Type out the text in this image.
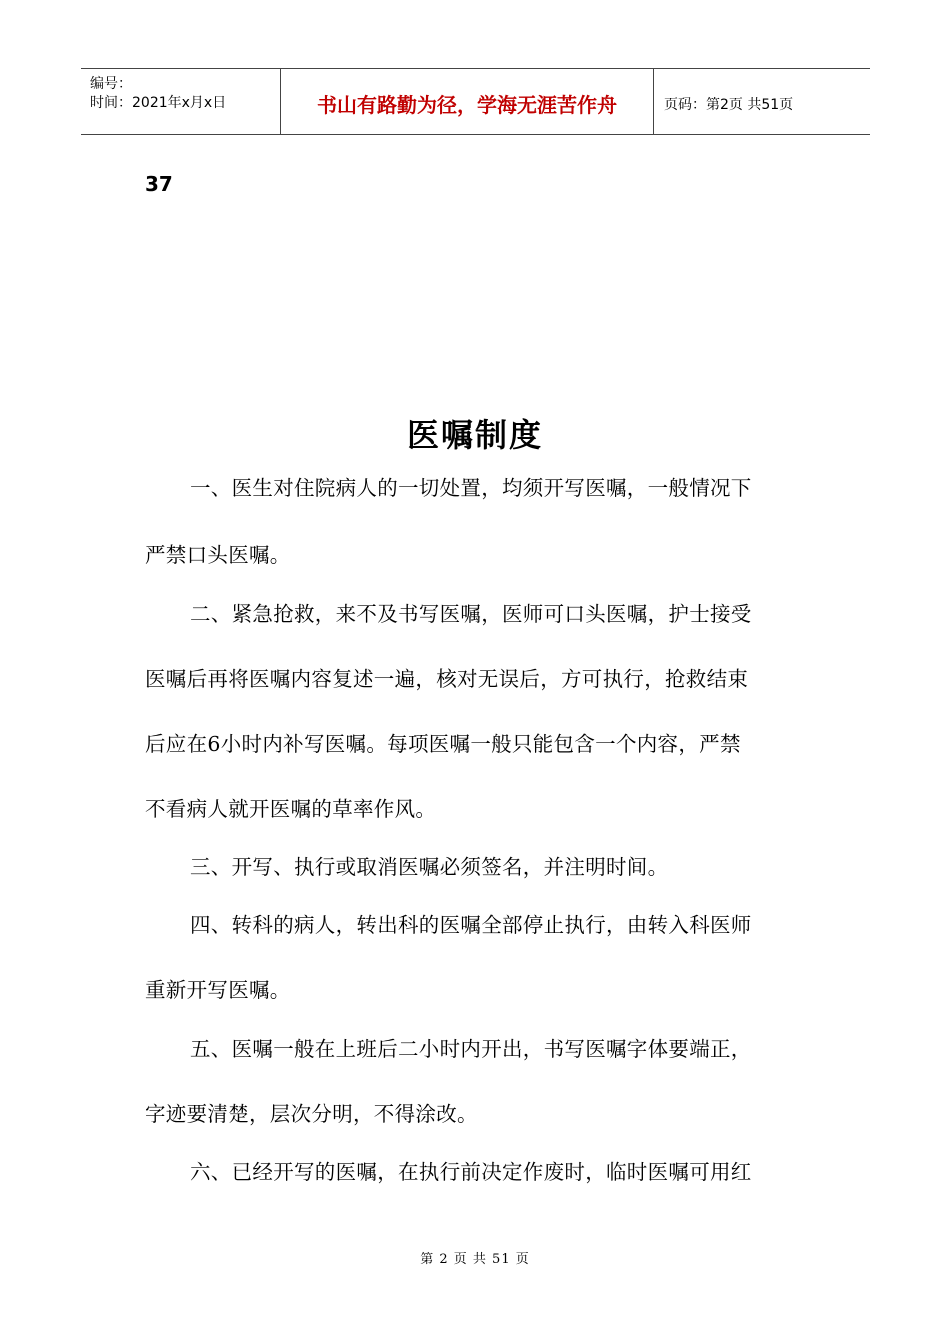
编号：
时间：2021年x月x日	书山有路勤为径，学海无涯苦作舟	页码：第2页 共51页
37
医嘱制度
一、医生对住院病人的一切处置，均须开写医嘱，一般情况下
严禁口头医嘱。
二、紧急抢救，来不及书写医嘱，医师可口头医嘱，护士接受
医嘱后再将医嘱内容复述一遍，核对无误后，方可执行，抢救结束
后应在6小时内补写医嘱。每项医嘱一般只能包含一个内容，严禁
不看病人就开医嘱的草率作风。
三、开写、执行或取消医嘱必须签名，并注明时间。
四、转科的病人，转出科的医嘱全部停止执行，由转入科医师
重新开写医嘱。
五、医嘱一般在上班后二小时内开出，书写医嘱字体要端正，
字迹要清楚，层次分明，不得涂改。
六、已经开写的医嘱，在执行前决定作废时，临时医嘱可用红
第 2 页 共 51 页
